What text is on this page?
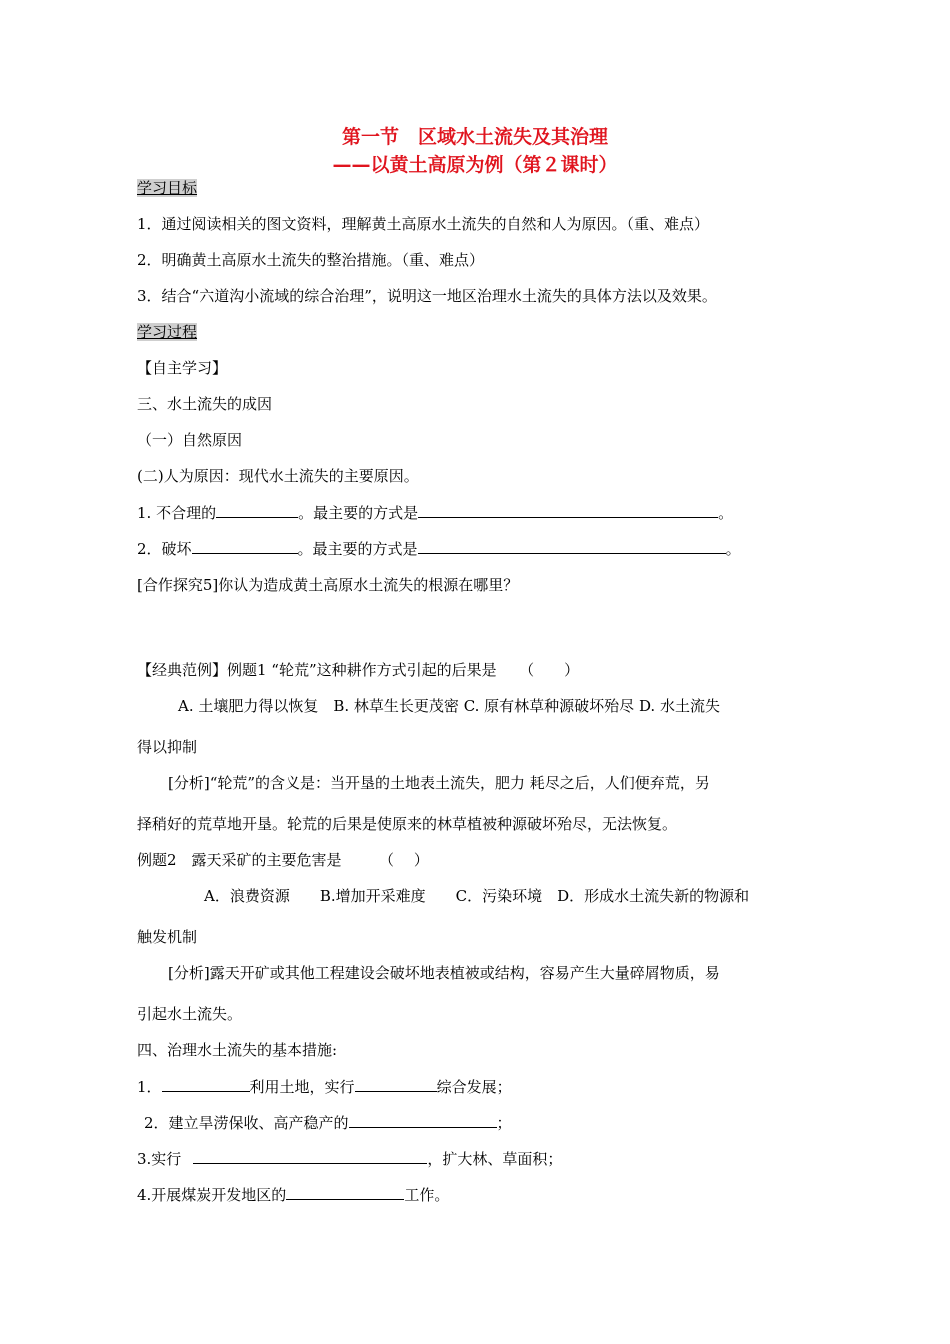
第一节　区域水土流失及其治理
——以黄土高原为例（第２课时）
学习目标
1．通过阅读相关的图文资料，理解黄土高原水土流失的自然和人为原因。（重、难点）
2．明确黄土高原水土流失的整治措施。（重、难点）
3．结合“六道沟小流域的综合治理”，说明这一地区治理水土流失的具体方法以及效果。
学习过程
【自主学习】
三、水土流失的成因
（一）自然原因
(二)人为原因：现代水土流失的主要原因。
1. 不合理的	。最主要的方式是	。
2．破坏	。最主要的方式是	。
[合作探究5]你认为造成黄土高原水土流失的根源在哪里？
【经典范例】例题1 “轮荒”这种耕作方式引起的后果是　　（　　）
A. 土壤肥力得以恢复　B. 林草生长更茂密 C. 原有林草种源破坏殆尽 D. 水土流失
得以抑制
[分析]“轮荒”的含义是：当开垦的土地表土流失，肥力 耗尽之后，人们便弃荒，另
择稍好的荒草地开垦。轮荒的后果是使原来的林草植被种源破坏殆尽，无法恢复。
例题2　露天采矿的主要危害是　　　（　 ）
A．浪费资源　　B.增加开采难度　　C．污染环境　D．形成水土流失新的物源和
触发机制
[分析]露天开矿或其他工程建设会破坏地表植被或结构，容易产生大量碎屑物质，易
引起水土流失。
四、治理水土流失的基本措施:
1．	利用土地，实行	综合发展；
2．建立旱涝保收、高产稳产的	；
3.实行	，扩大林、草面积；
4.开展煤炭开发地区的	工作。
